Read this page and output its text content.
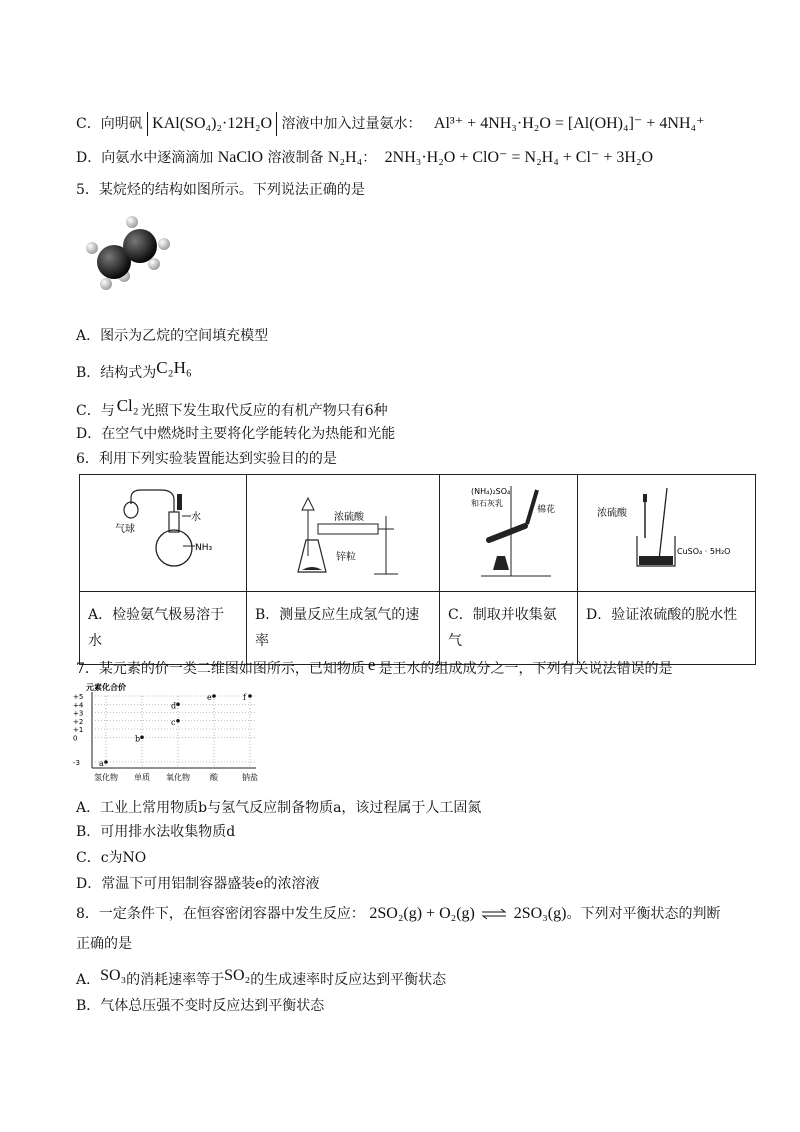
C．向明矾 KAl(SO₄)₂·12H₂O 溶液中加入过量氨水： Al³⁺ + 4NH₃·H₂O = [Al(OH)₄]⁻ + 4NH₄⁺
D．向氨水中逐滴滴加 NaClO 溶液制备 N₂H₄： 2NH₃·H₂O + ClO⁻ = N₂H₄ + Cl⁻ + 3H₂O
5．某烷烃的结构如图所示。下列说法正确的是
A．图示为乙烷的空间填充模型
B．结构式为C₂H₆
C．与 Cl₂ 光照下发生取代反应的有机产物只有6种
D．在空气中燃烧时主要将化学能转化为热能和光能
6．利用下列实验装置能达到实验目的的是
气球
水
NH₃	浓硫酸
锌粒	(NH₄)₂SO₄
和石灰乳
棉花	浓硫酸
CuSO₄ · 5H₂O

A．检验氨气极易溶于水	B．测量反应生成氢气的速率	C．制取并收集氨气	D．验证浓硫酸的脱水性
7．某元素的价一类二维图如图所示，已知物质 e 是王水的组成成分之一，下列有关说法错误的是
元素化合价
+5
+4
+3
+2
+1
0
-3
氢化物 单质 氧化物	酸	钠盐
a
b
c
d
e	f
A．工业上常用物质b与氢气反应制备物质a，该过程属于人工固氮
B．可用排水法收集物质d
C．c为NO
D．常温下可用铝制容器盛装e的浓溶液
8．一定条件下，在恒容密闭容器中发生反应： 2SO₂(g) + O₂(g) ⇌ 2SO₃(g)。下列对平衡状态的判断
正确的是
A．SO₃的消耗速率等于SO₂的生成速率时反应达到平衡状态
B．气体总压强不变时反应达到平衡状态
